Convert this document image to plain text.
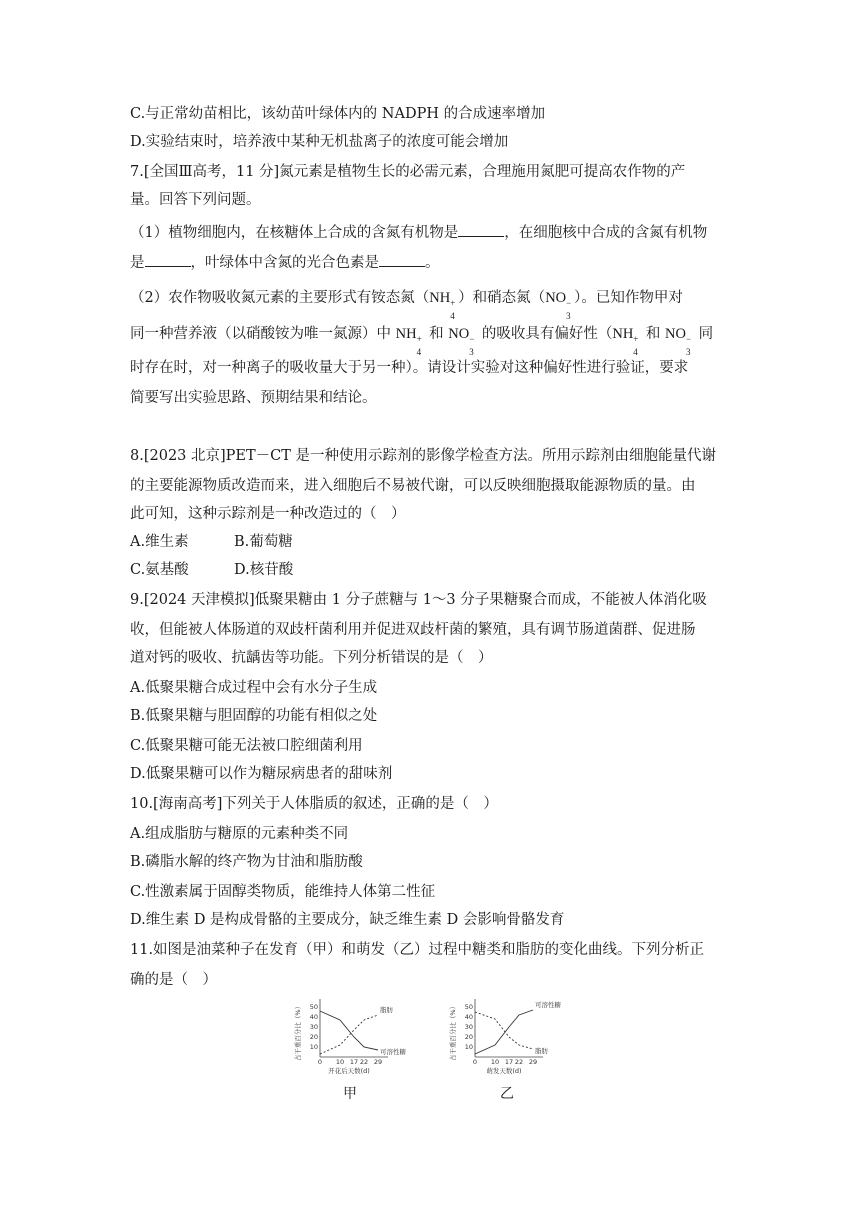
C.与正常幼苗相比，该幼苗叶绿体内的 NADPH 的合成速率增加
D.实验结束时，培养液中某种无机盐离子的浓度可能会增加
7.[全国Ⅲ高考，11 分]氮元素是植物生长的必需元素，合理施用氮肥可提高农作物的产
量。回答下列问题。
（1）植物细胞内，在核糖体上合成的含氮有机物是	，在细胞核中合成的含氮有机物
是	，叶绿体中含氮的光合色素是	。
（2）农作物吸收氮元素的主要形式有铵态氮（NH +
4
）和硝态氮（NO −
3
）。已知作物甲对
同一种营养液（以硝酸铵为唯一氮源）中 NH +
4
和 NO −
3
的吸收具有偏好性（NH +
4
和 NO −
3
同
时存在时，对一种离子的吸收量大于另一种）。请设计实验对这种偏好性进行验证，要求
简要写出实验思路、预期结果和结论。
8.[2023 北京]PET－CT 是一种使用示踪剂的影像学检查方法。所用示踪剂由细胞能量代谢
的主要能源物质改造而来，进入细胞后不易被代谢，可以反映细胞摄取能源物质的量。由
此可知，这种示踪剂是一种改造过的（　）
A.维生素	B.葡萄糖
C.氨基酸	D.核苷酸
9.[2024 天津模拟]低聚果糖由 1 分子蔗糖与 1～3 分子果糖聚合而成，不能被人体消化吸
收，但能被人体肠道的双歧杆菌利用并促进双歧杆菌的繁殖，具有调节肠道菌群、促进肠
道对钙的吸收、抗龋齿等功能。下列分析错误的是（　）
A.低聚果糖合成过程中会有水分子生成
B.低聚果糖与胆固醇的功能有相似之处
C.低聚果糖可能无法被口腔细菌利用
D.低聚果糖可以作为糖尿病患者的甜味剂
10.[海南高考]下列关于人体脂质的叙述，正确的是（　）
A.组成脂肪与糖原的元素种类不同
B.磷脂水解的终产物为甘油和脂肪酸
C.性激素属于固醇类物质，能维持人体第二性征
D.维生素 D 是构成骨骼的主要成分，缺乏维生素 D 会影响骨骼发育
11.如图是油菜种子在发育（甲）和萌发（乙）过程中糖类和脂肪的变化曲线。下列分析正
确的是（　）
0 10 17 22 29
10
20
30
40
50
开花后天数(d)
占干重百分比（%）	脂肪
可溶性糖
0 10 17 22 29
10
20
30
40
50
萌发天数(d)
占干重百分比（%）	可溶性糖
脂肪
甲	乙
